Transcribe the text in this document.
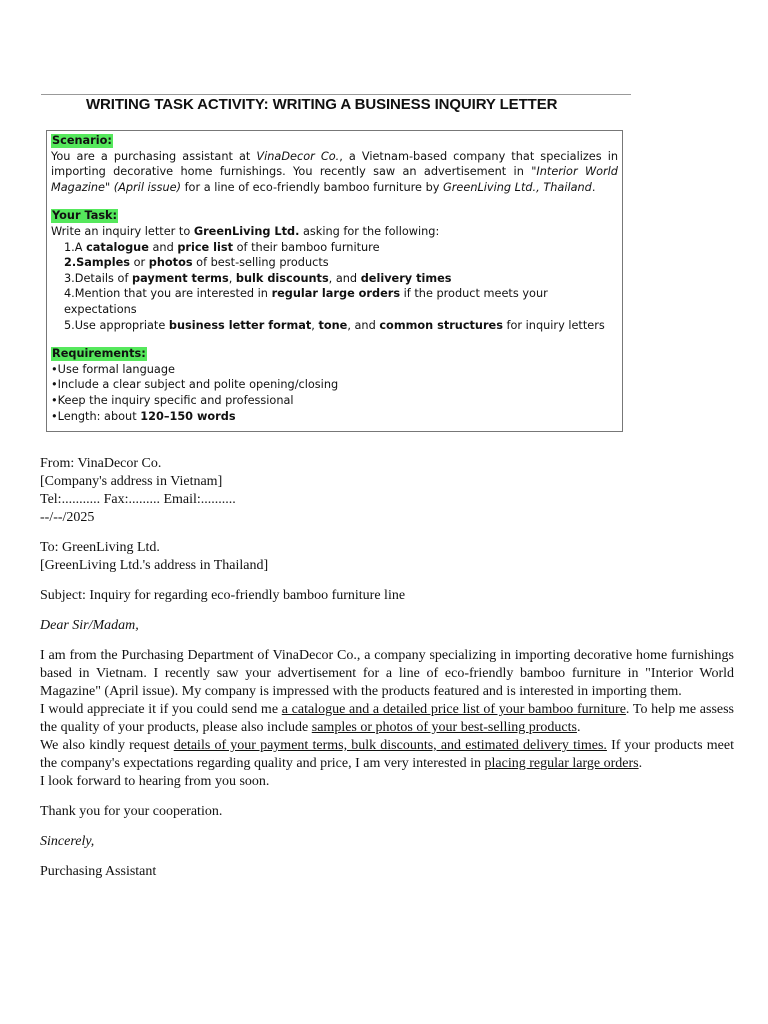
WRITING TASK ACTIVITY: WRITING A BUSINESS INQUIRY LETTER

Scenario:

You are a purchasing assistant at VinaDecor Co., a Vietnam-based company that specializes in importing decorative home furnishings. You recently saw an advertisement in "Interior World Magazine" (April issue) for a line of eco-friendly bamboo furniture by GreenLiving Ltd., Thailand.

Your Task:

Write an inquiry letter to GreenLiving Ltd. asking for the following:

1.A catalogue and price list of their bamboo furniture

2.Samples or photos of best-selling products

3.Details of payment terms, bulk discounts, and delivery times

4.Mention that you are interested in regular large orders if the product meets your expectations

5.Use appropriate business letter format, tone, and common structures for inquiry letters

Requirements:

• Use formal language

• Include a clear subject and polite opening/closing

• Keep the inquiry specific and professional

• Length: about 120–150 words

From: VinaDecor Co.

[Company's address in Vietnam]

Tel:........... Fax:......... Email:..........

--/--/2025

To: GreenLiving Ltd.

[GreenLiving Ltd.'s address in Thailand]

Subject: Inquiry for regarding eco-friendly bamboo furniture line

Dear Sir/Madam,

I am from the Purchasing Department of VinaDecor Co., a company specializing in importing decorative home furnishings based in Vietnam. I recently saw your advertisement for a line of eco-friendly bamboo furniture in "Interior World Magazine" (April issue). My company is impressed with the products featured and is interested in importing them.

I would appreciate it if you could send me a catalogue and a detailed price list of your bamboo furniture. To help me assess the quality of your products, please also include samples or photos of your best-selling products.

We also kindly request details of your payment terms, bulk discounts, and estimated delivery times. If your products meet the company's expectations regarding quality and price, I am very interested in placing regular large orders.

I look forward to hearing from you soon.

Thank you for your cooperation.

Sincerely,

Purchasing Assistant
